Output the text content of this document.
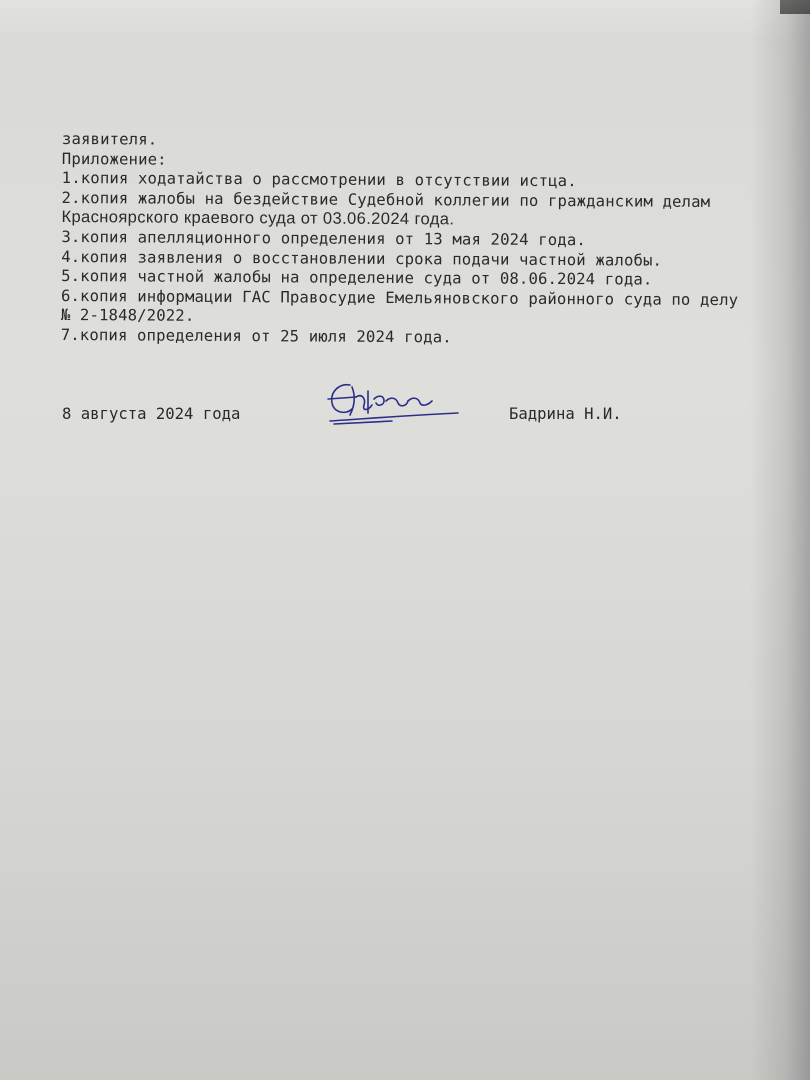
заявителя.
Приложение:
1.копия ходатайства о рассмотрении в отсутствии истца.
2.копия жалобы на бездействие Судебной коллегии по гражданским делам
Красноярского краевого суда от 03.06.2024 года.
3.копия апелляционного определения от 13 мая 2024 года.
4.копия заявления о восстановлении срока подачи частной жалобы.
5.копия частной жалобы на определение суда от 08.06.2024 года.
6.копия информации ГАС Правосудие Емельяновского районного суда по делу
№ 2-1848/2022.
7.копия определения от 25 июля 2024 года.
8 августа 2024 года	Бадрина Н.И.
